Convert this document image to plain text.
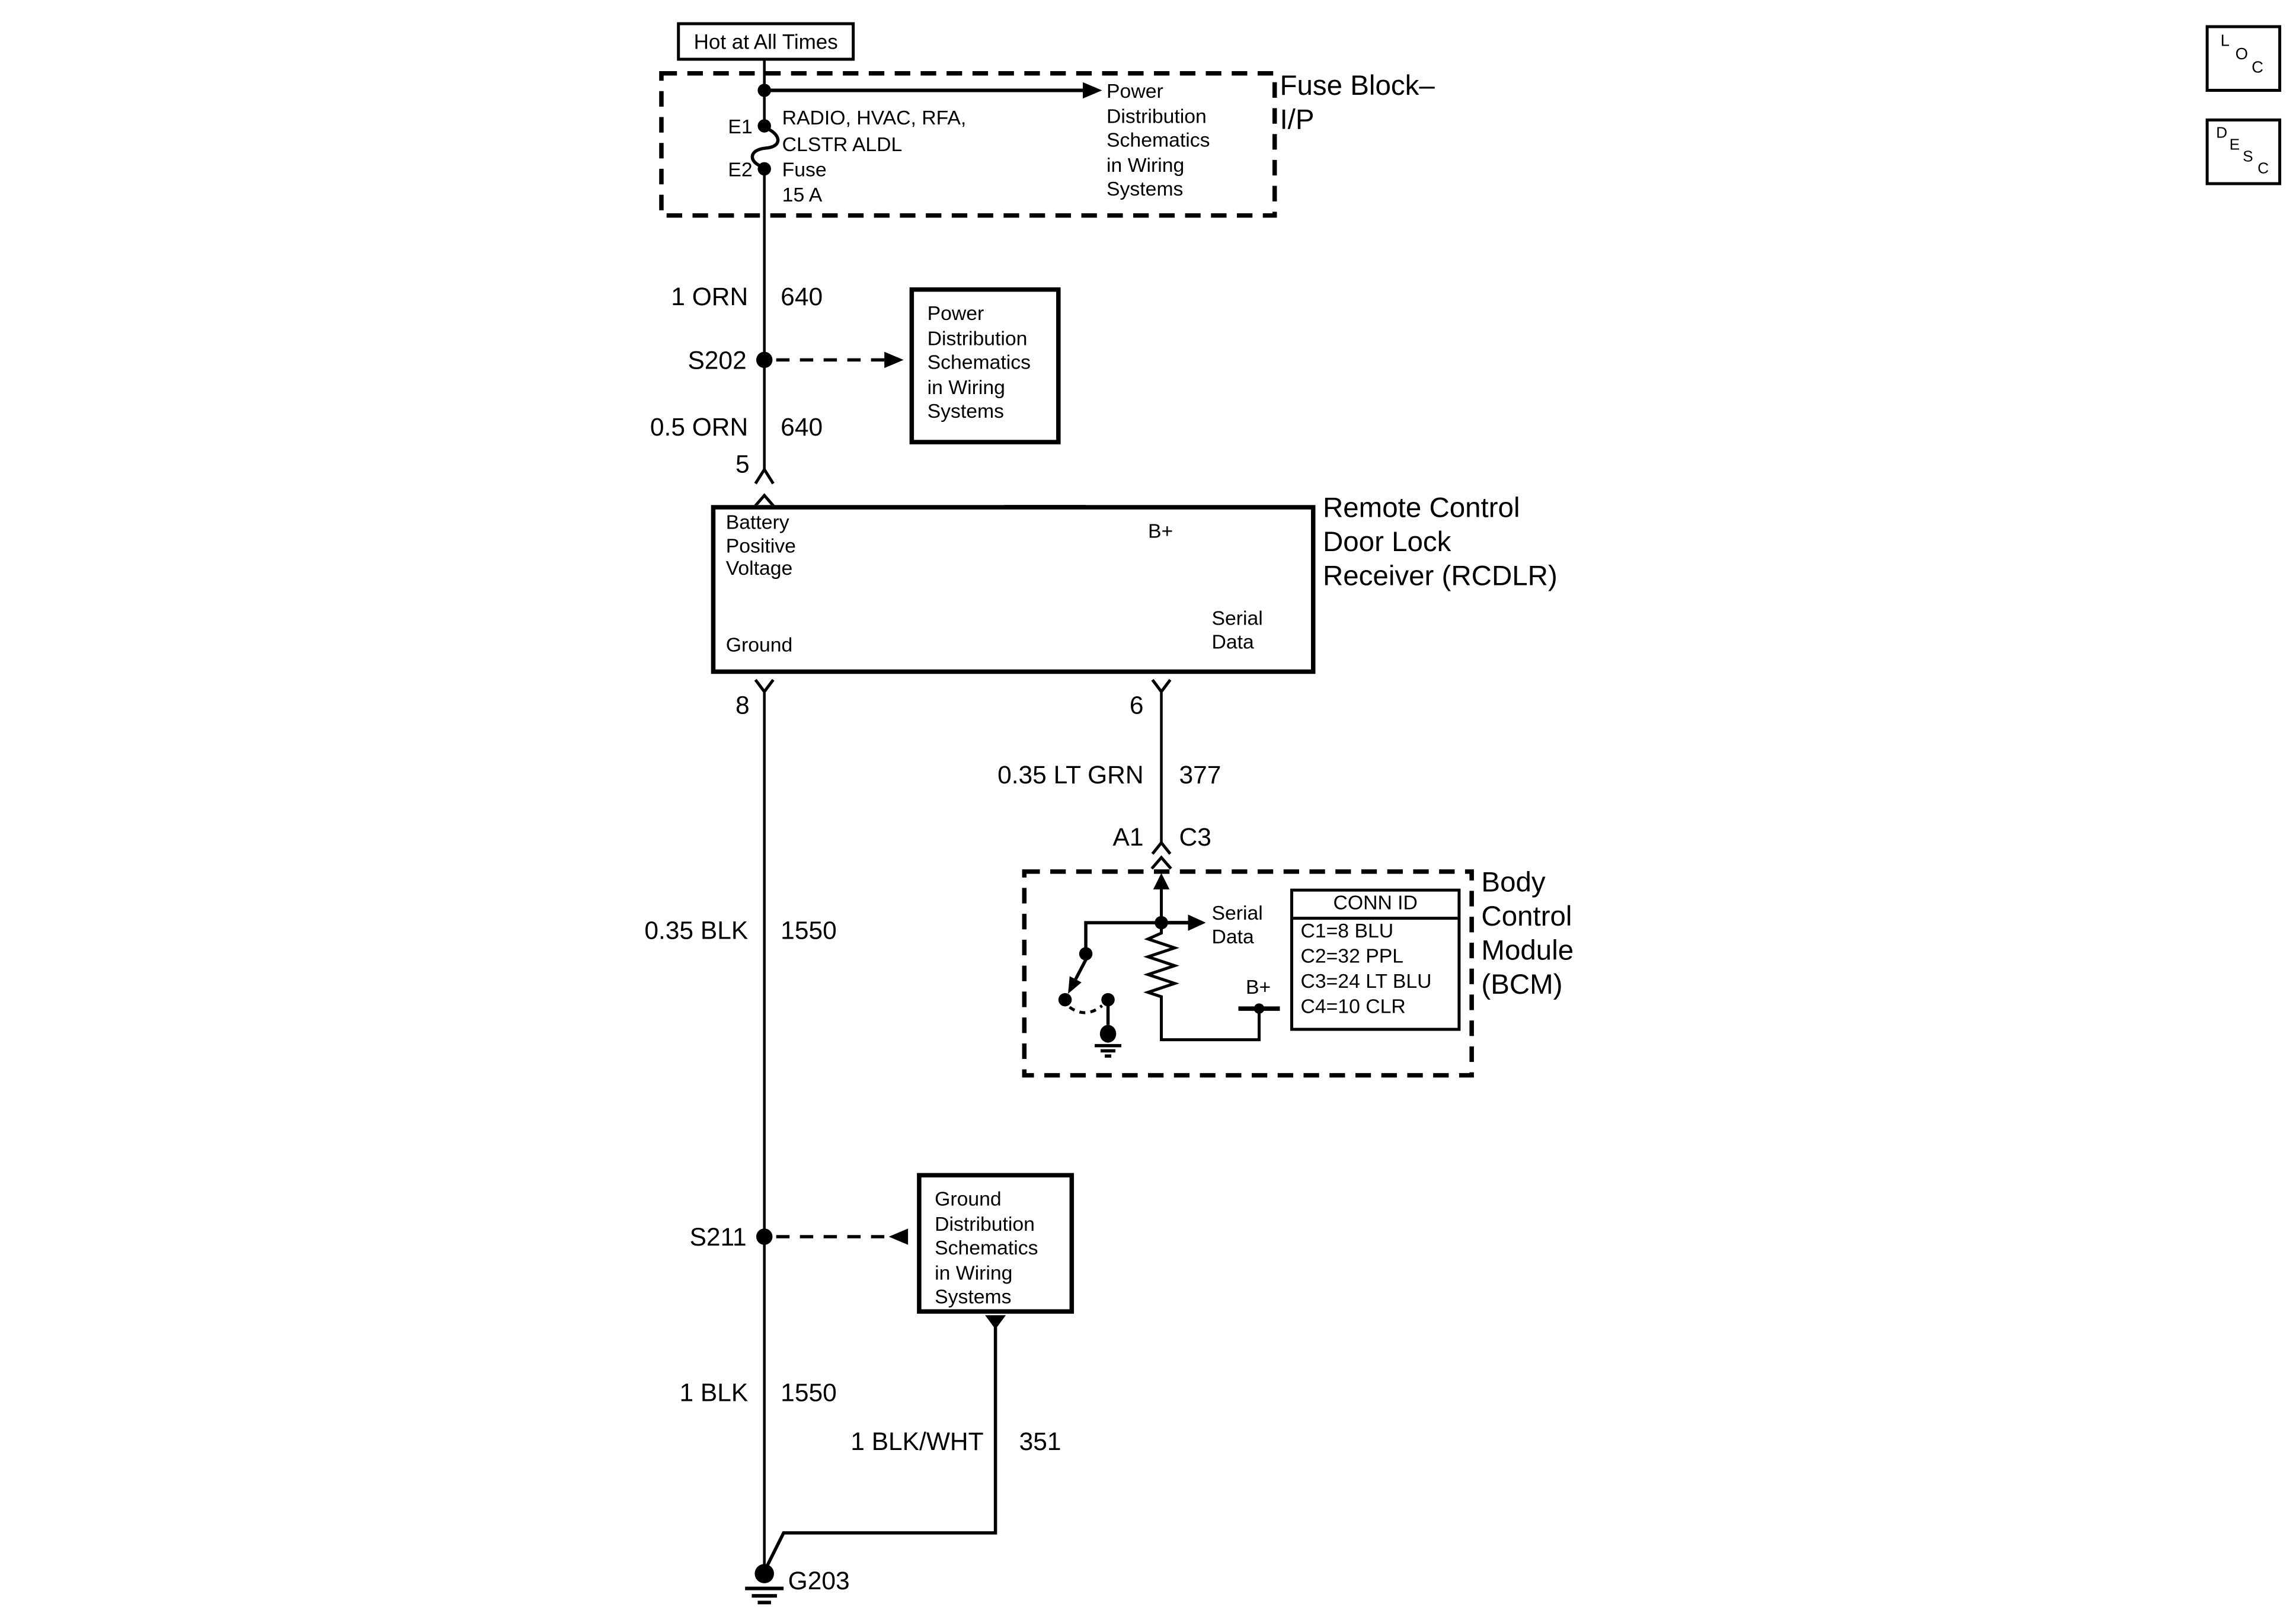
Hot at All Times
Power
Distribution
Schematics
in Wiring
Systems
Ground
Distribution
Schematics
in Wiring
Systems
CONN ID
C1=8 BLU
C2=32 PPL
C3=24 LT BLU
C4=10 CLR
L
O
C
D
E
S
C
E1
E2
RADIO, HVAC, RFA,
CLSTR ALDL
Fuse
15 A
Power
Distribution
Schematics
in Wiring
Systems
Fuse Block–
I/P
1 ORN	640
S202
0.5 ORN	640
5
Battery
Positive
Voltage
Ground
B+
Serial
Data
Remote Control
Door Lock
Receiver (RCDLR)
8	6
0.35 LT GRN	377
A1	C3
Serial
Data
B+
Body
Control
Module
(BCM)
0.35 BLK	1550
S211
1 BLK	1550
1 BLK/WHT	351
G203
